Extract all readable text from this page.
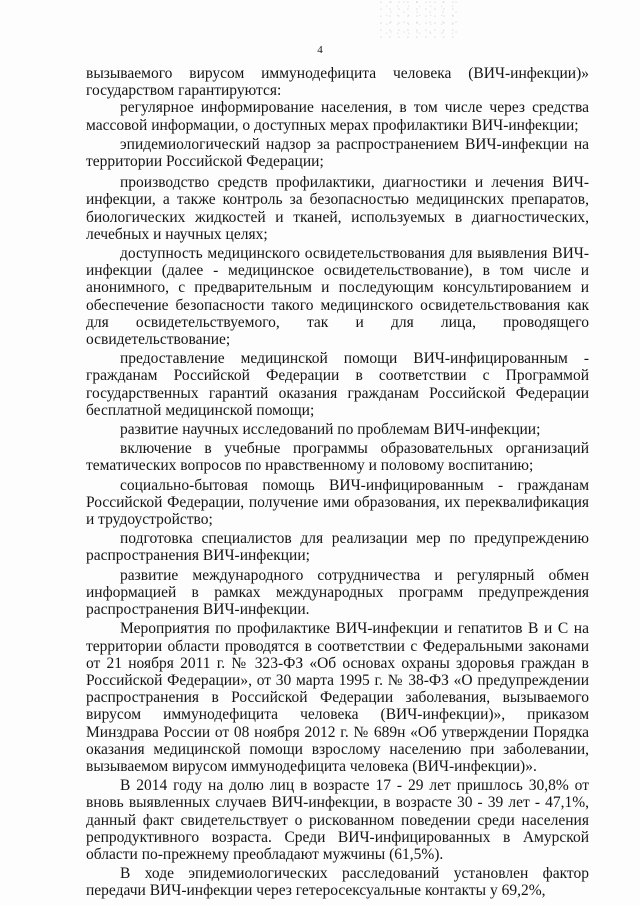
4

вызываемого вирусом иммунодефицита человека (ВИЧ-инфекции)» государством гарантируются:

регулярное информирование населения, в том числе через средства массовой информации, о доступных мерах профилактики ВИЧ-инфекции;

эпидемиологический надзор за распространением ВИЧ-инфекции на территории Российской Федерации;

производство средств профилактики, диагностики и лечения ВИЧ-инфекции, а также контроль за безопасностью медицинских препаратов, биологических жидкостей и тканей, используемых в диагностических, лечебных и научных целях;

доступность медицинского освидетельствования для выявления ВИЧ-инфекции (далее - медицинское освидетельствование), в том числе и анонимного, с предварительным и последующим консультированием и обеспечение безопасности такого медицинского освидетельствования как для освидетельствуемого, так и для лица, проводящего освидетельствование;

предоставление медицинской помощи ВИЧ-инфицированным - гражданам Российской Федерации в соответствии с Программой государственных гарантий оказания гражданам Российской Федерации бесплатной медицинской помощи;

развитие научных исследований по проблемам ВИЧ-инфекции;

включение в учебные программы образовательных организаций тематических вопросов по нравственному и половому воспитанию;

социально-бытовая помощь ВИЧ-инфицированным - гражданам Российской Федерации, получение ими образования, их переквалификация и трудоустройство;

подготовка специалистов для реализации мер по предупреждению распространения ВИЧ-инфекции;

развитие международного сотрудничества и регулярный обмен информацией в рамках международных программ предупреждения распространения ВИЧ-инфекции.

Мероприятия по профилактике ВИЧ-инфекции и гепатитов В и С на территории области проводятся в соответствии с Федеральными законами от 21 ноября 2011 г. № 323-ФЗ «Об основах охраны здоровья граждан в Российской Федерации», от 30 марта 1995 г. № 38-ФЗ «О предупреждении распространения в Российской Федерации заболевания, вызываемого вирусом иммунодефицита человека (ВИЧ-инфекции)», приказом Минздрава России от 08 ноября 2012 г. № 689н «Об утверждении Порядка оказания медицинской помощи взрослому населению при заболевании, вызываемом вирусом иммунодефицита человека (ВИЧ-инфекции)».

В 2014 году на долю лиц в возрасте 17 - 29 лет пришлось 30,8% от вновь выявленных случаев ВИЧ-инфекции, в возрасте 30 - 39 лет - 47,1%, данный факт свидетельствует о рискованном поведении среди населения репродуктивного возраста. Среди ВИЧ-инфицированных в Амурской области по-прежнему преобладают мужчины (61,5%).

В ходе эпидемиологических расследований установлен фактор передачи ВИЧ-инфекции через гетеросексуальные контакты у 69,2%,
